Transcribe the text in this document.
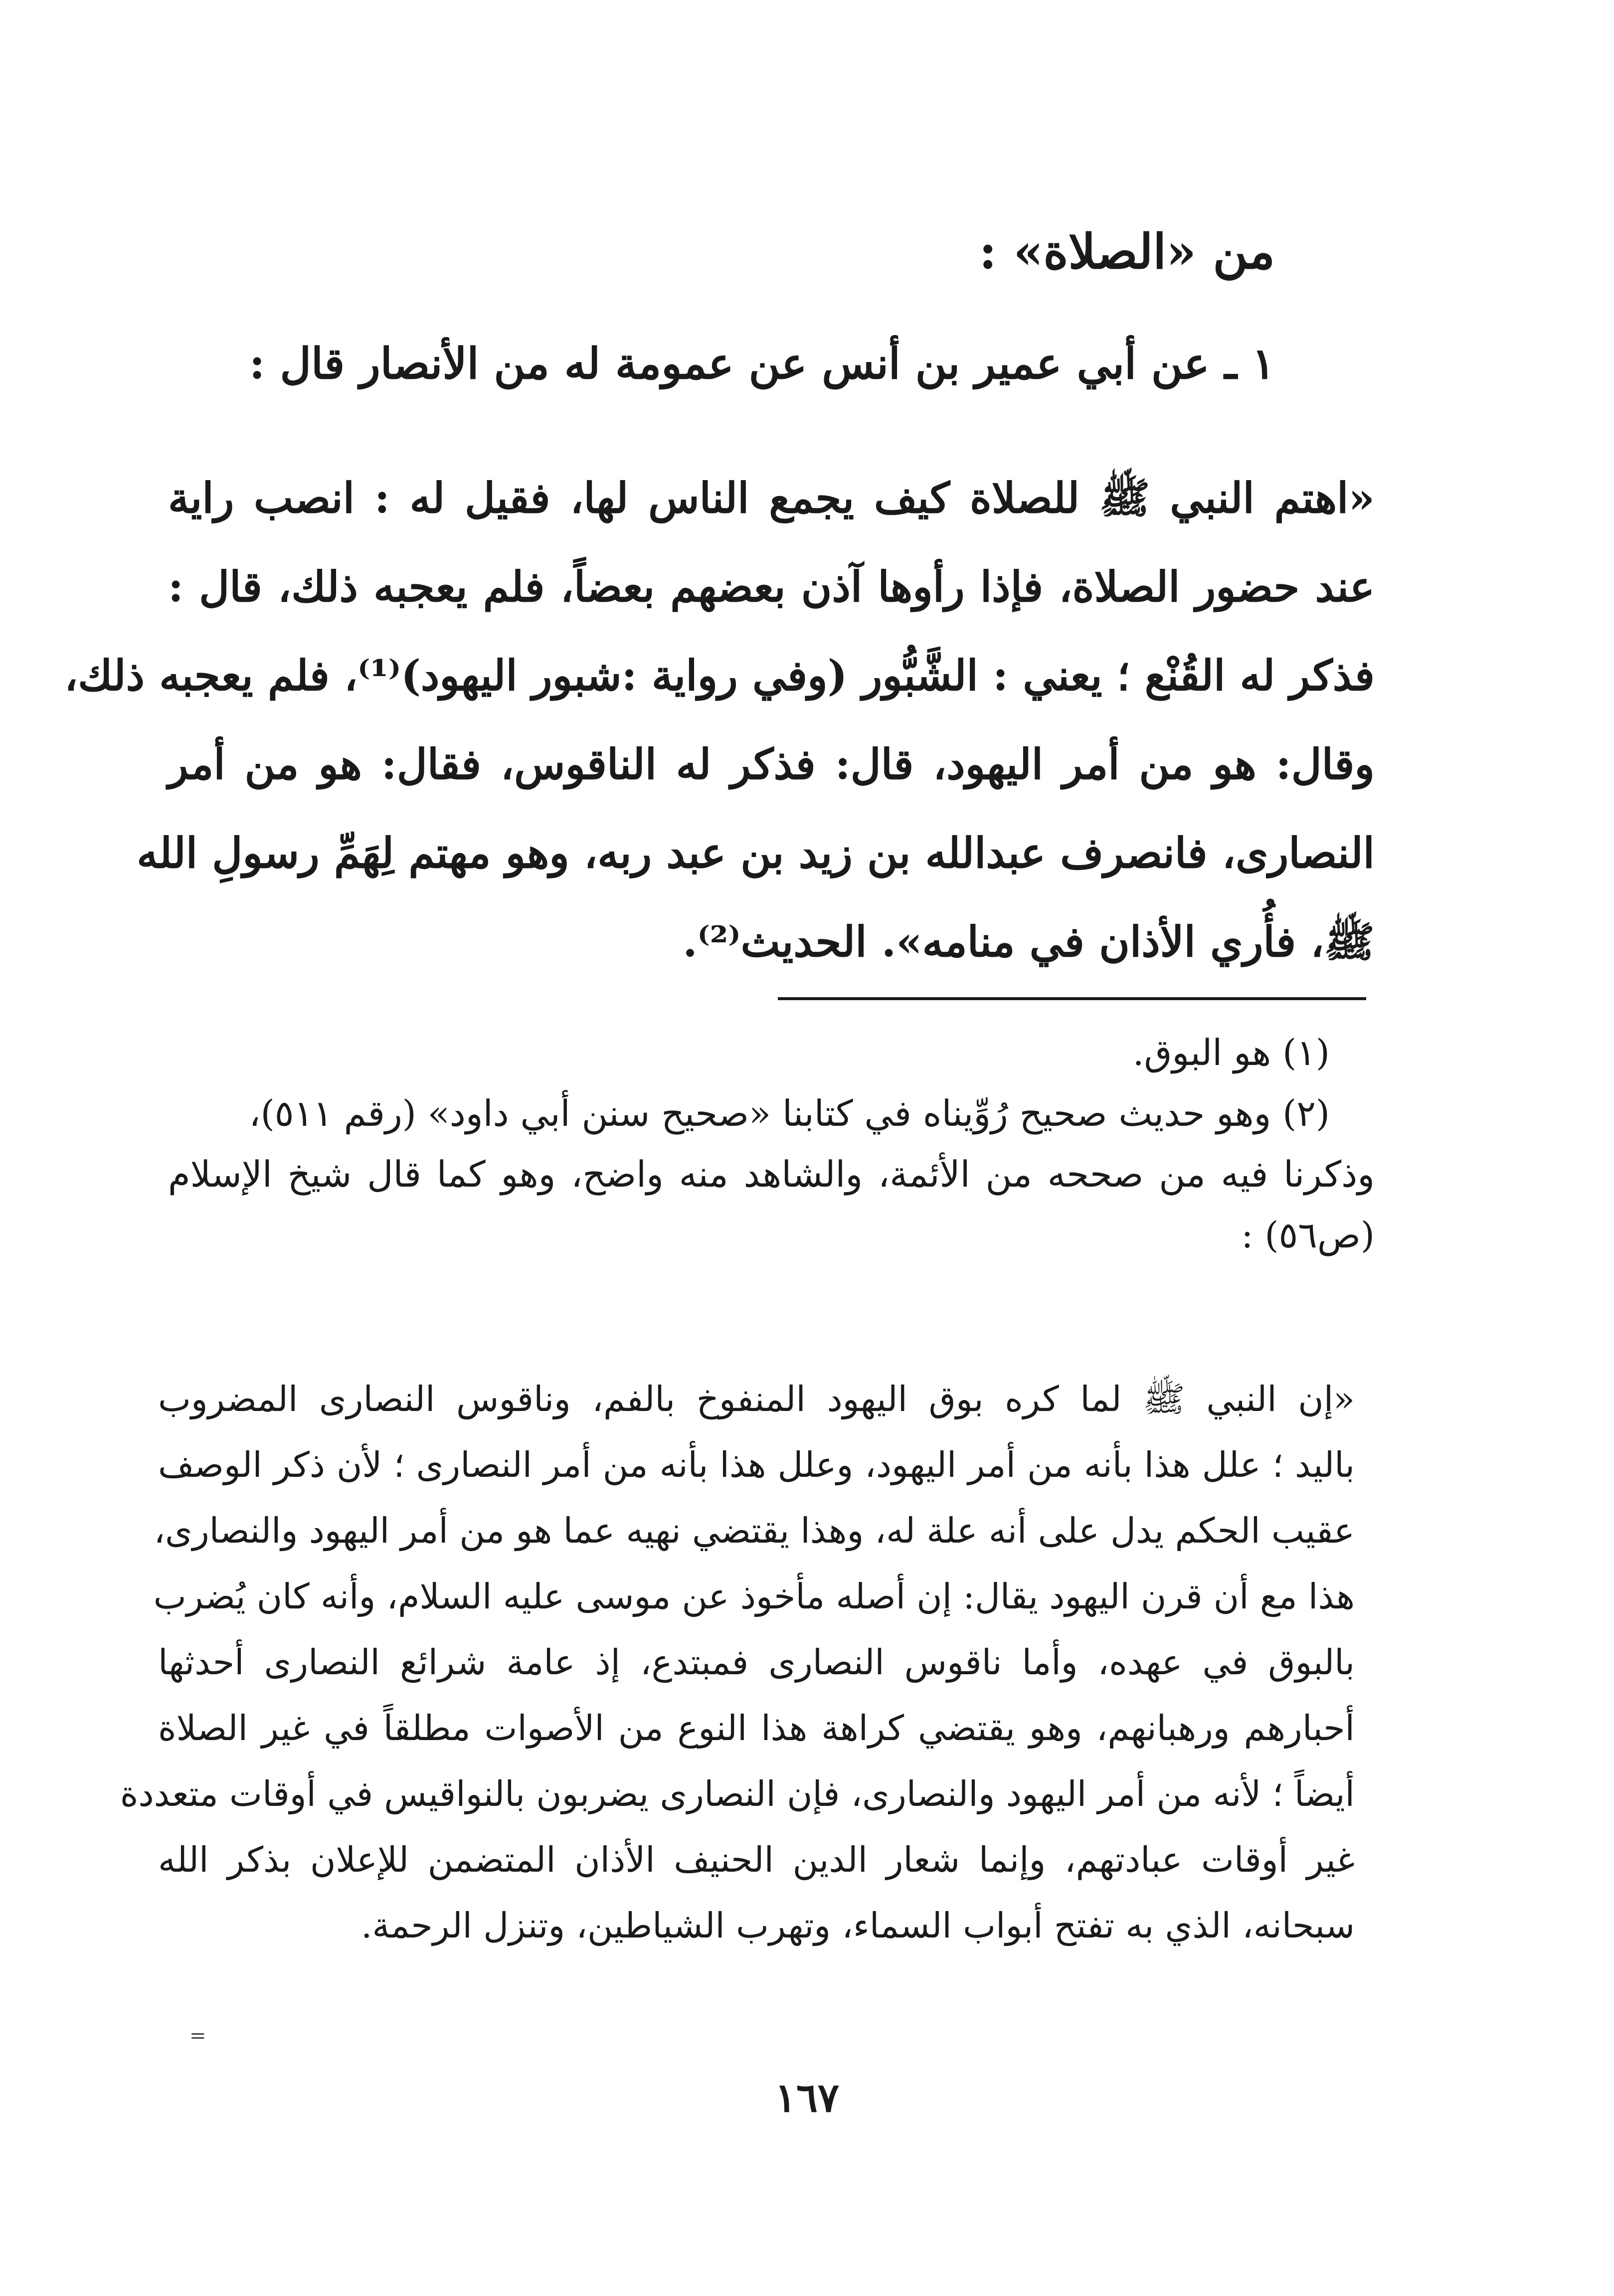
من «الصلاة» :
١ ـ عن أبي عمير بن أنس عن عمومة له من الأنصار قال :
«اهتم النبي ﷺ للصلاة كيف يجمع الناس لها، فقيل له : انصب راية
عند حضور الصلاة، فإذا رأوها آذن بعضهم بعضاً، فلم يعجبه ذلك، قال :
فذكر له القُنْع ؛ يعني : الشَّبُّور (وفي رواية :شبور اليهود)⁽¹⁾، فلم يعجبه ذلك،
وقال: هو من أمر اليهود، قال: فذكر له الناقوس، فقال: هو من أمر
النصارى، فانصرف عبدالله بن زيد بن عبد ربه، وهو مهتم لِهَمِّ رسولِ الله
ﷺ، فأُري الأذان في منامه». الحديث⁽²⁾.
(١) هو البوق.
(٢) وهو حديث صحيح رُوِّيناه في كتابنا «صحيح سنن أبي داود» (رقم ٥١١)،
وذكرنا فيه من صححه من الأئمة، والشاهد منه واضح، وهو كما قال شيخ الإسلام
(ص٥٦) :
«إن النبي ﷺ لما كره بوق اليهود المنفوخ بالفم، وناقوس النصارى المضروب
باليد ؛ علل هذا بأنه من أمر اليهود، وعلل هذا بأنه من أمر النصارى ؛ لأن ذكر الوصف
عقيب الحكم يدل على أنه علة له، وهذا يقتضي نهيه عما هو من أمر اليهود والنصارى،
هذا مع أن قرن اليهود يقال: إن أصله مأخوذ عن موسى عليه السلام، وأنه كان يُضرب
بالبوق في عهده، وأما ناقوس النصارى فمبتدع، إذ عامة شرائع النصارى أحدثها
أحبارهم ورهبانهم، وهو يقتضي كراهة هذا النوع من الأصوات مطلقاً في غير الصلاة
أيضاً ؛ لأنه من أمر اليهود والنصارى، فإن النصارى يضربون بالنواقيس في أوقات متعددة
غير أوقات عبادتهم، وإنما شعار الدين الحنيف الأذان المتضمن للإعلان بذكر الله
سبحانه، الذي به تفتح أبواب السماء، وتهرب الشياطين، وتنزل الرحمة.
=
١٦٧
